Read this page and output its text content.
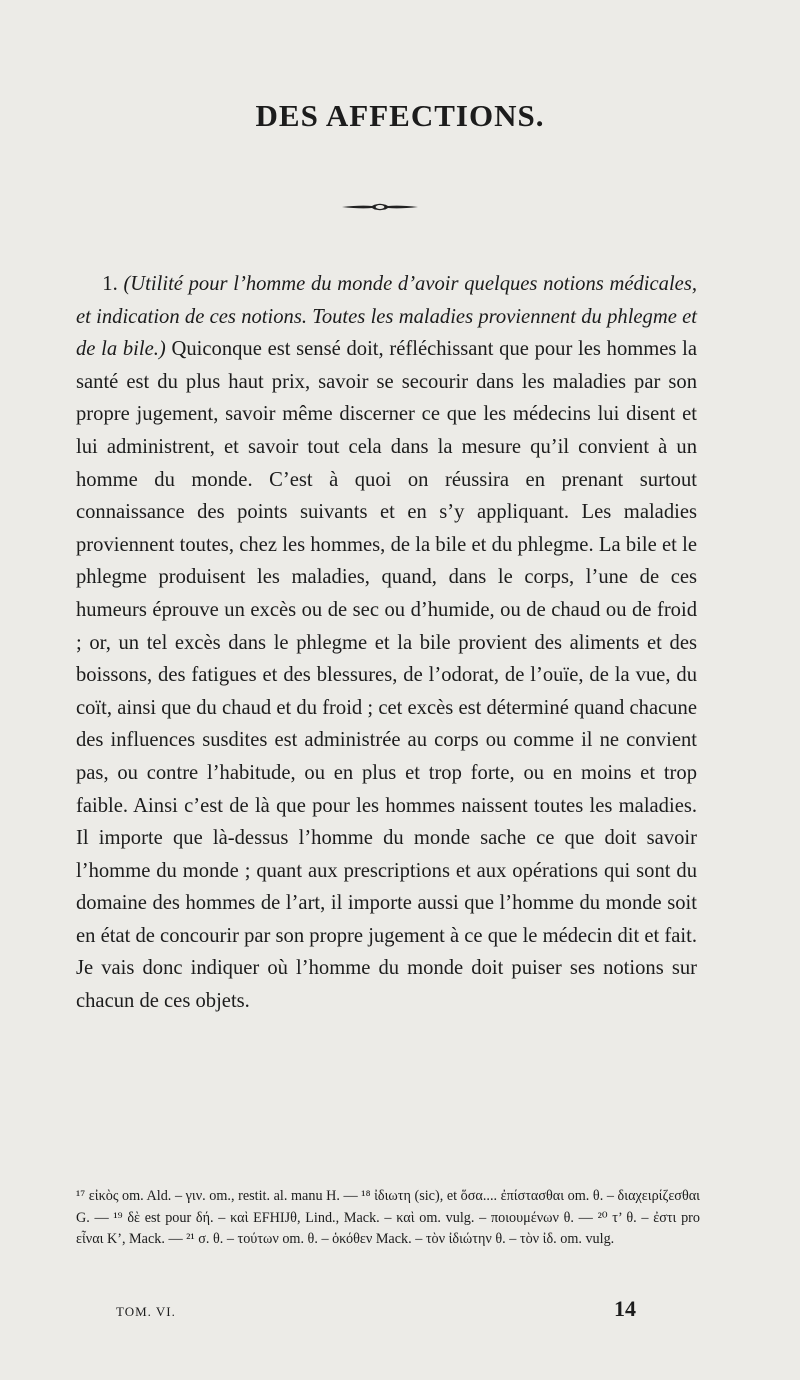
DES AFFECTIONS.
  1. (Utilité pour l’homme du monde d’avoir quelques notions médicales, et indication de ces notions. Toutes les maladies proviennent du phlegme et de la bile.) Quiconque est sensé doit, réfléchissant que pour les hommes la santé est du plus haut prix, savoir se secourir dans les maladies par son propre jugement, savoir même discerner ce que les médecins lui disent et lui administrent, et savoir tout cela dans la mesure qu’il convient à un homme du monde. C’est à quoi on réussira en prenant surtout connaissance des points suivants et en s’y appliquant. Les maladies proviennent toutes, chez les hommes, de la bile et du phlegme. La bile et le phlegme produisent les maladies, quand, dans le corps, l’une de ces humeurs éprouve un excès ou de sec ou d’humide, ou de chaud ou de froid ; or, un tel excès dans le phlegme et la bile provient des aliments et des boissons, des fatigues et des blessures, de l’odorat, de l’ouïe, de la vue, du coït, ainsi que du chaud et du froid ; cet excès est déterminé quand chacune des influences susdites est administrée au corps ou comme il ne convient pas, ou contre l’habitude, ou en plus et trop forte, ou en moins et trop faible. Ainsi c’est de là que pour les hommes naissent toutes les maladies. Il importe que là-dessus l’homme du monde sache ce que doit savoir l’homme du monde ; quant aux prescriptions et aux opérations qui sont du domaine des hommes de l’art, il importe aussi que l’homme du monde soit en état de concourir par son propre jugement à ce que le médecin dit et fait. Je vais donc indiquer où l’homme du monde doit puiser ses notions sur chacun de ces objets.
¹⁷ εἰκὸς om. Ald. – γιν. om., restit. al. manu H. — ¹⁸ ἰδιωτη (sic), et ὅσα.... ἐπίστασθαι om. θ. – διαχειρίζεσθαι G. — ¹⁹ δὲ est pour δή. – καὶ EFHIJθ, Lind., Mack. – καὶ om. vulg. – ποιουμένων θ. — ²⁰ τ’ θ. – ἐστι pro εἶναι K’, Mack. — ²¹ σ. θ. – τούτων om. θ. – ὁκόθεν Mack. – τὸν ἰδιώτην θ. – τὸν ἰδ. om. vulg.
TOM. VI.	14
